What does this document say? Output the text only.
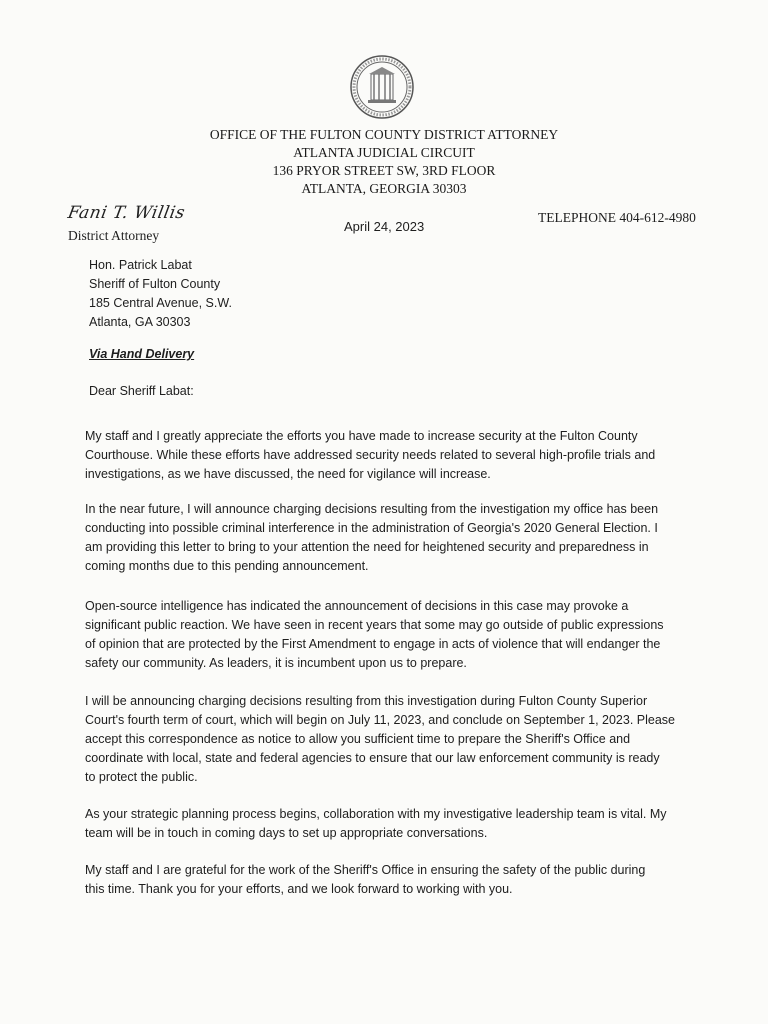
OFFICE OF THE FULTON COUNTY DISTRICT ATTORNEY
ATLANTA JUDICIAL CIRCUIT
136 PRYOR STREET SW, 3RD FLOOR
ATLANTA, GEORGIA 30303
Fani T. Willis
District Attorney
April 24, 2023
TELEPHONE 404-612-4980
Hon. Patrick Labat
Sheriff of Fulton County
185 Central Avenue, S.W.
Atlanta, GA 30303
Via Hand Delivery
Dear Sheriff Labat:
My staff and I greatly appreciate the efforts you have made to increase security at the Fulton County
Courthouse. While these efforts have addressed security needs related to several high-profile trials and
investigations, as we have discussed, the need for vigilance will increase.
In the near future, I will announce charging decisions resulting from the investigation my office has been
conducting into possible criminal interference in the administration of Georgia's 2020 General Election. I
am providing this letter to bring to your attention the need for heightened security and preparedness in
coming months due to this pending announcement.
Open-source intelligence has indicated the announcement of decisions in this case may provoke a
significant public reaction. We have seen in recent years that some may go outside of public expressions
of opinion that are protected by the First Amendment to engage in acts of violence that will endanger the
safety our community. As leaders, it is incumbent upon us to prepare.
I will be announcing charging decisions resulting from this investigation during Fulton County Superior
Court's fourth term of court, which will begin on July 11, 2023, and conclude on September 1, 2023. Please
accept this correspondence as notice to allow you sufficient time to prepare the Sheriff's Office and
coordinate with local, state and federal agencies to ensure that our law enforcement community is ready
to protect the public.
As your strategic planning process begins, collaboration with my investigative leadership team is vital. My
team will be in touch in coming days to set up appropriate conversations.
My staff and I are grateful for the work of the Sheriff's Office in ensuring the safety of the public during
this time. Thank you for your efforts, and we look forward to working with you.
